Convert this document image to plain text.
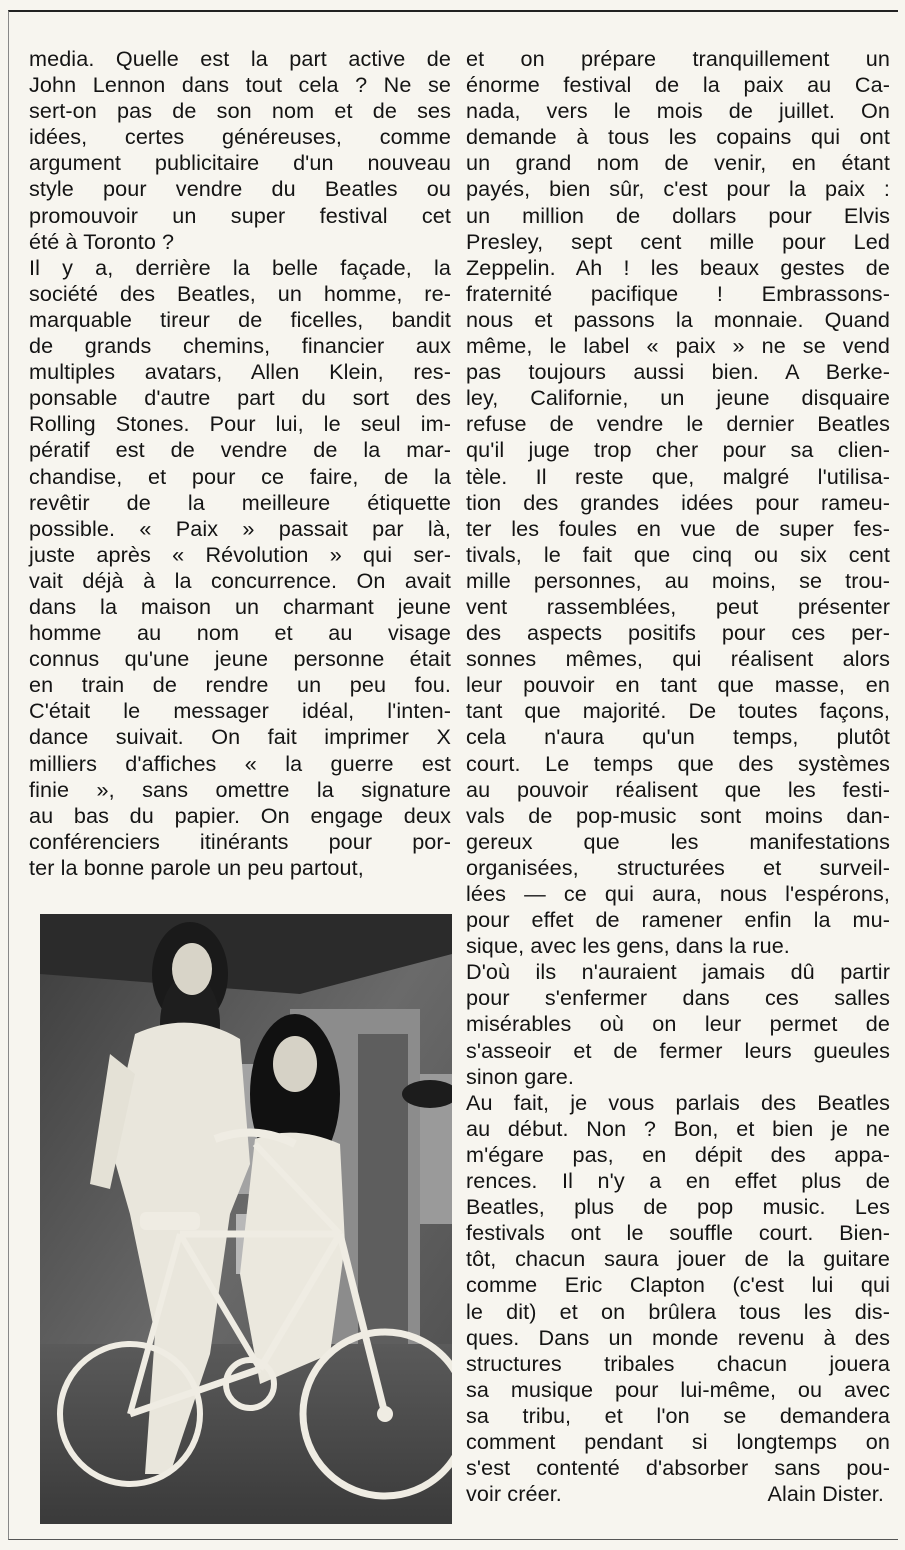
media. Quelle est la part active de
John Lennon dans tout cela ? Ne se
sert-on pas de son nom et de ses
idées, certes généreuses, comme
argument publicitaire d'un nouveau
style pour vendre du Beatles ou
promouvoir un super festival cet
été à Toronto ?
Il y a, derrière la belle façade, la
société des Beatles, un homme, re-
marquable tireur de ficelles, bandit
de grands chemins, financier aux
multiples avatars, Allen Klein, res-
ponsable d'autre part du sort des
Rolling Stones. Pour lui, le seul im-
pératif est de vendre de la mar-
chandise, et pour ce faire, de la
revêtir de la meilleure étiquette
possible. « Paix » passait par là,
juste après « Révolution » qui ser-
vait déjà à la concurrence. On avait
dans la maison un charmant jeune
homme au nom et au visage
connus qu'une jeune personne était
en train de rendre un peu fou.
C'était le messager idéal, l'inten-
dance suivait. On fait imprimer X
milliers d'affiches « la guerre est
finie », sans omettre la signature
au bas du papier. On engage deux
conférenciers itinérants pour por-
ter la bonne parole un peu partout,
et on prépare tranquillement un
énorme festival de la paix au Ca-
nada, vers le mois de juillet. On
demande à tous les copains qui ont
un grand nom de venir, en étant
payés, bien sûr, c'est pour la paix :
un million de dollars pour Elvis
Presley, sept cent mille pour Led
Zeppelin. Ah ! les beaux gestes de
fraternité pacifique ! Embrassons-
nous et passons la monnaie. Quand
même, le label « paix » ne se vend
pas toujours aussi bien. A Berke-
ley, Californie, un jeune disquaire
refuse de vendre le dernier Beatles
qu'il juge trop cher pour sa clien-
tèle. Il reste que, malgré l'utilisa-
tion des grandes idées pour rameu-
ter les foules en vue de super fes-
tivals, le fait que cinq ou six cent
mille personnes, au moins, se trou-
vent rassemblées, peut présenter
des aspects positifs pour ces per-
sonnes mêmes, qui réalisent alors
leur pouvoir en tant que masse, en
tant que majorité. De toutes façons,
cela n'aura qu'un temps, plutôt
court. Le temps que des systèmes
au pouvoir réalisent que les festi-
vals de pop-music sont moins dan-
gereux que les manifestations
organisées, structurées et surveil-
lées — ce qui aura, nous l'espérons,
pour effet de ramener enfin la mu-
sique, avec les gens, dans la rue.
D'où ils n'auraient jamais dû partir
pour s'enfermer dans ces salles
misérables où on leur permet de
s'asseoir et de fermer leurs gueules
sinon gare.
Au fait, je vous parlais des Beatles
au début. Non ? Bon, et bien je ne
m'égare pas, en dépit des appa-
rences. Il n'y a en effet plus de
Beatles, plus de pop music. Les
festivals ont le souffle court. Bien-
tôt, chacun saura jouer de la guitare
comme Eric Clapton (c'est lui qui
le dit) et on brûlera tous les dis-
ques. Dans un monde revenu à des
structures tribales chacun jouera
sa musique pour lui-même, ou avec
sa tribu, et l'on se demandera
comment pendant si longtemps on
s'est contenté d'absorber sans pou-
voir créer.	Alain Dister.
